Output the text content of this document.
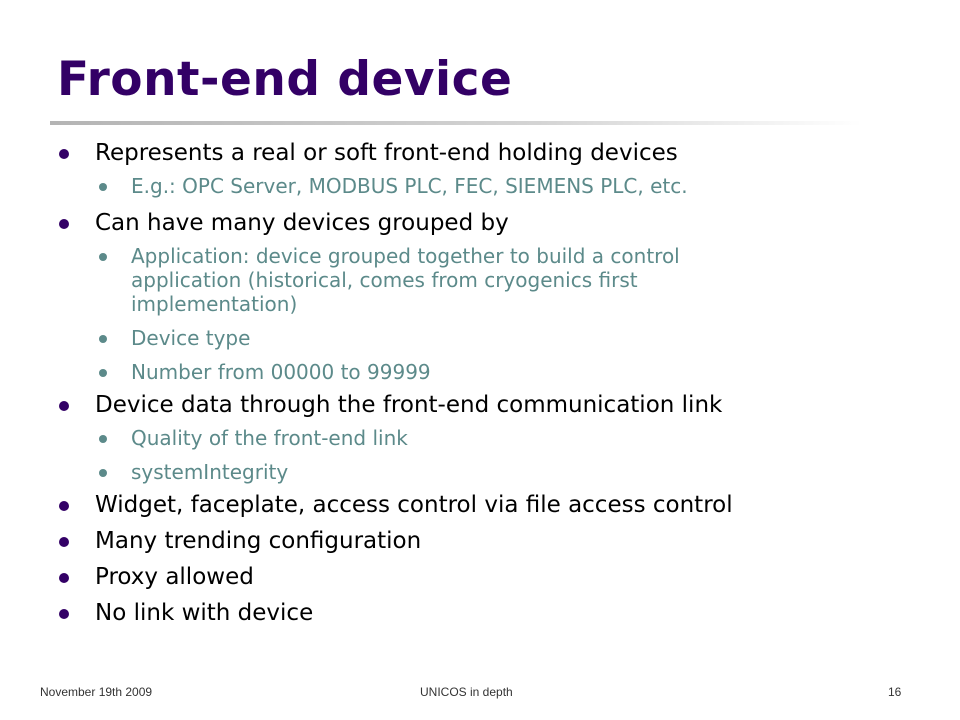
Front-end device
Represents a real or soft front-end holding devices
E.g.: OPC Server, MODBUS PLC, FEC, SIEMENS PLC, etc.
Can have many devices grouped by
Application: device grouped together to build a control application (historical, comes from cryogenics first implementation)
Device type
Number from 00000 to 99999
Device data through the front-end communication link
Quality of the front-end link
systemIntegrity
Widget, faceplate, access control via file access control
Many trending configuration
Proxy allowed
No link with device
November 19th 2009	UNICOS in depth	16
